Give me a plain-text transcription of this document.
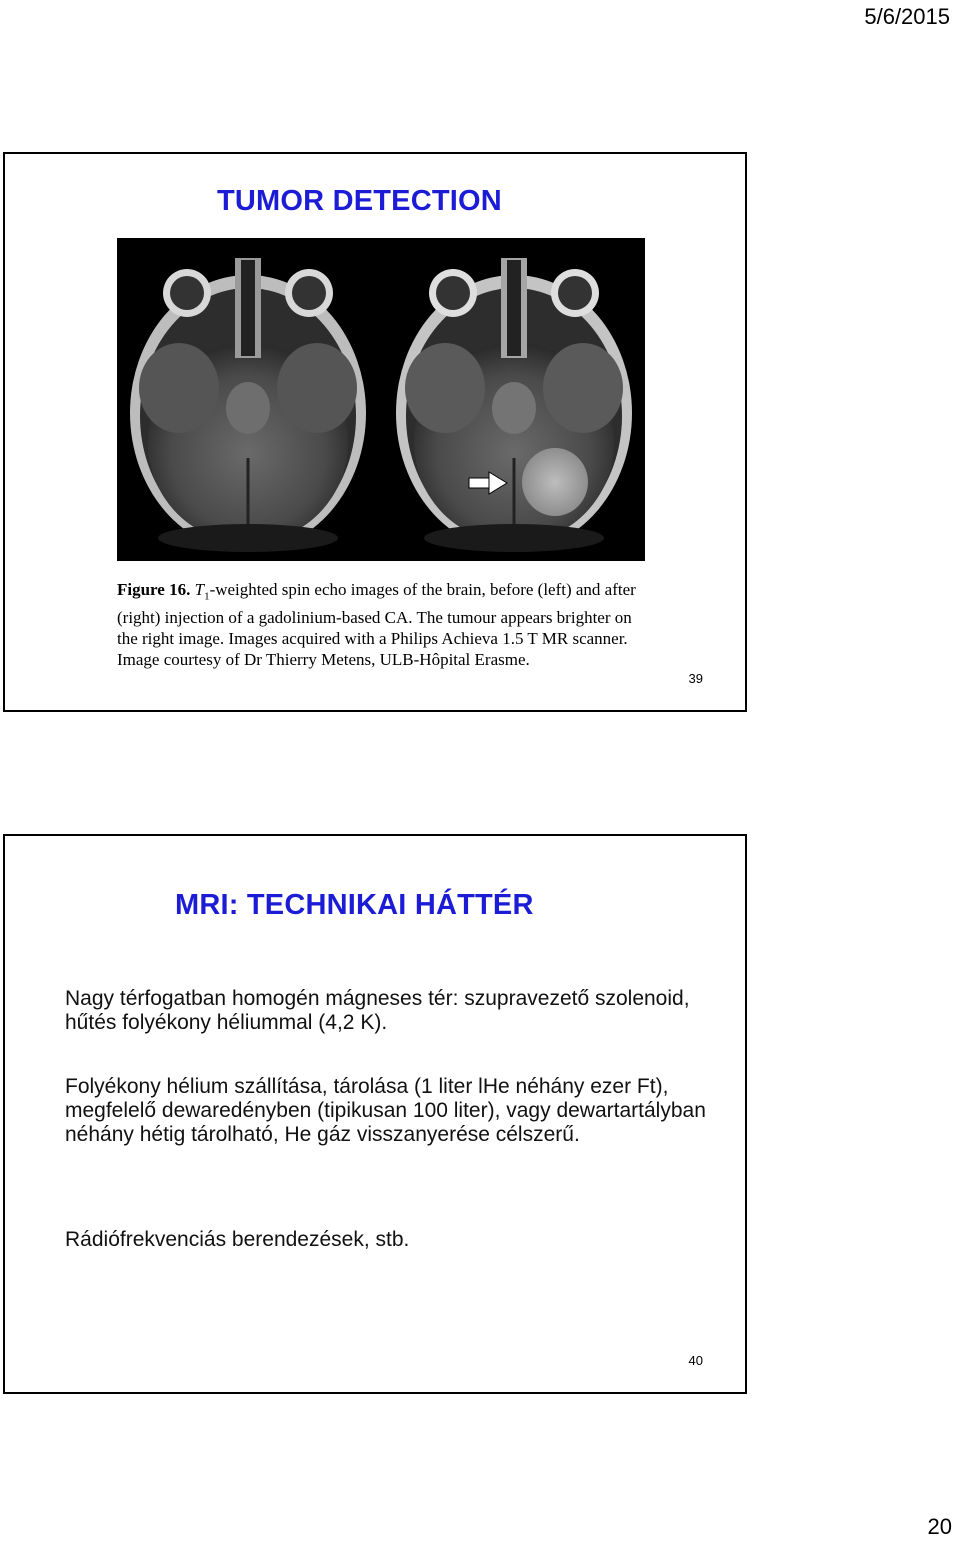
5/6/2015
TUMOR DETECTION
Figure 16. $T_1$-weighted spin echo images of the brain, before (left) and after (right) injection of a gadolinium-based CA. The tumour appears brighter on the right image. Images acquired with a Philips Achieva 1.5 T MR scanner. Image courtesy of Dr Thierry Metens, ULB-Hôpital Erasme.
39
MRI: TECHNIKAI HÁTTÉR

Nagy térfogatban homogén mágneses tér: szupravezető szolenoid, hűtés folyékony héliummal (4,2 K).

Folyékony hélium szállítása, tárolása (1 liter lHe néhány ezer Ft), megfelelő dewaredényben (tipikusan 100 liter), vagy dewartartályban néhány hétig tárolható, He gáz visszanyerése célszerű.

Rádiófrekvenciás berendezések, stb.

40
20
